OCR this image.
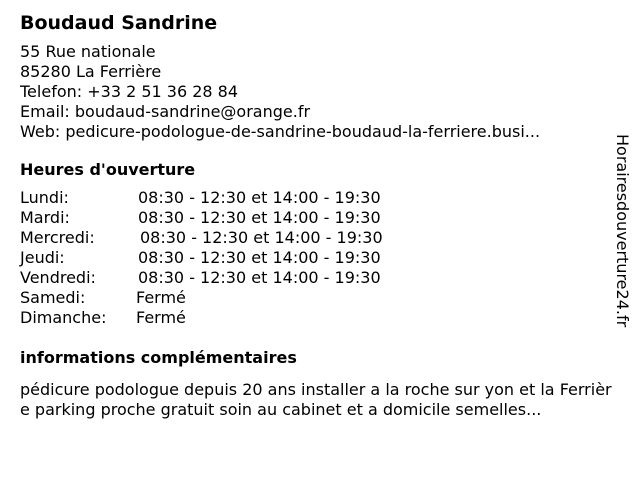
Boudaud Sandrine
55 Rue nationale
85280 La Ferrière
Telefon: +33 2 51 36 28 84
Email: boudaud-sandrine@orange.fr
Web: pedicure-podologue-de-sandrine-boudaud-la-ferriere.busi...
Heures d'ouverture
Lundi:	08:30 - 12:30 et 14:00 - 19:30
Mardi:	08:30 - 12:30 et 14:00 - 19:30
Mercredi:	08:30 - 12:30 et 14:00 - 19:30
Jeudi:	08:30 - 12:30 et 14:00 - 19:30
Vendredi:	08:30 - 12:30 et 14:00 - 19:30
Samedi:	Fermé
Dimanche:	Fermé
informations complémentaires
pédicure podologue depuis 20 ans installer a la roche sur yon et la Ferrière parking proche gratuit soin au cabinet et a domicile semelles...
Horairesdouverture24.fr
